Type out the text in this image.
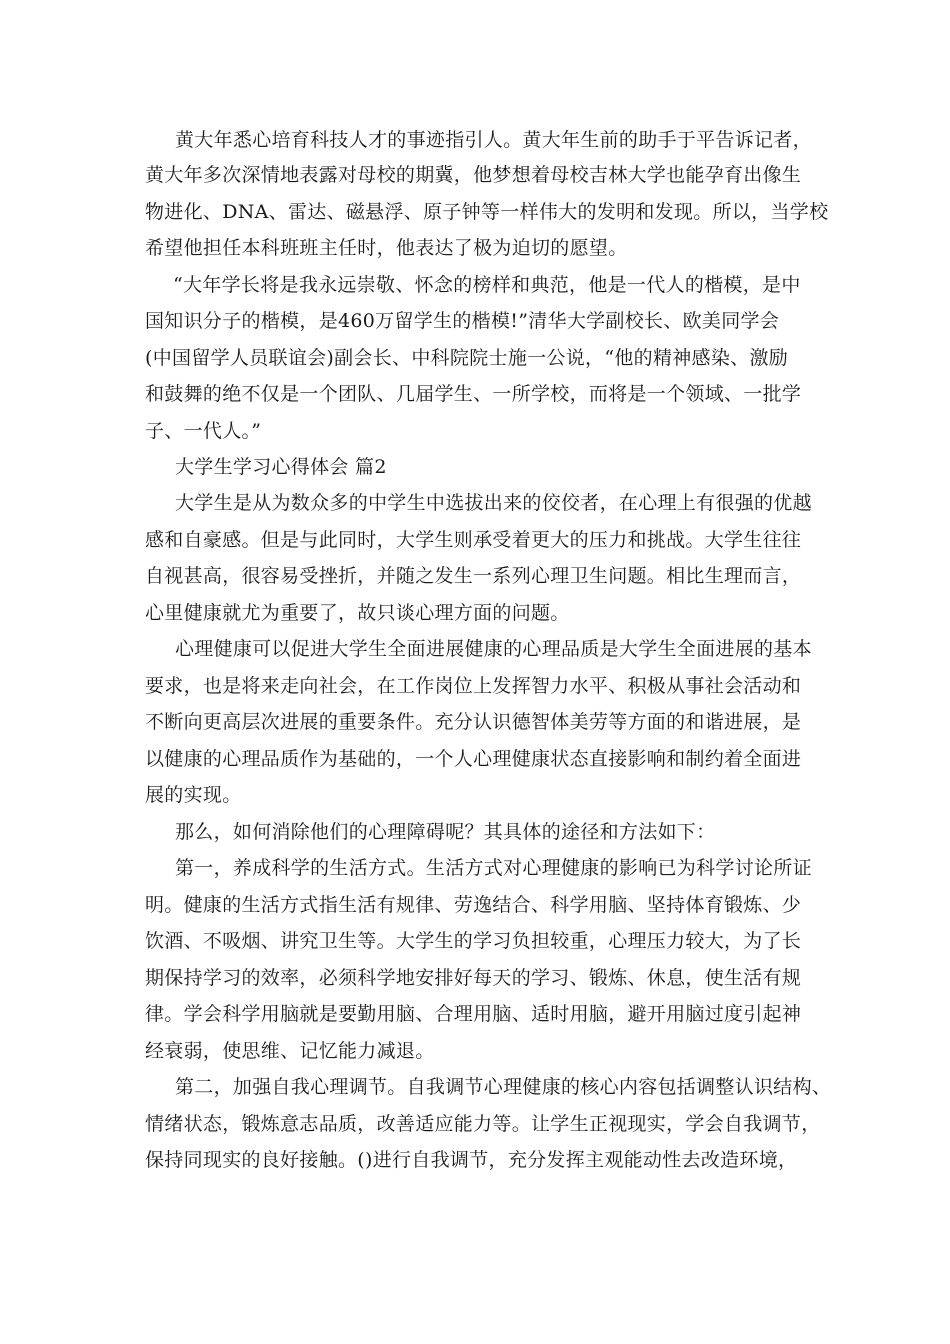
黄大年悉心培育科技人才的事迹指引人。黄大年生前的助手于平告诉记者，
黄大年多次深情地表露对母校的期冀，他梦想着母校吉林大学也能孕育出像生
物进化、DNA、雷达、磁悬浮、原子钟等一样伟大的发明和发现。所以，当学校
希望他担任本科班班主任时，他表达了极为迫切的愿望。
“大年学长将是我永远崇敬、怀念的榜样和典范，他是一代人的楷模，是中
国知识分子的楷模，是460万留学生的楷模!”清华大学副校长、欧美同学会
(中国留学人员联谊会)副会长、中科院院士施一公说，“他的精神感染、激励
和鼓舞的绝不仅是一个团队、几届学生、一所学校，而将是一个领域、一批学
子、一代人。”
大学生学习心得体会 篇2
大学生是从为数众多的中学生中选拔出来的佼佼者，在心理上有很强的优越
感和自豪感。但是与此同时，大学生则承受着更大的压力和挑战。大学生往往
自视甚高，很容易受挫折，并随之发生一系列心理卫生问题。相比生理而言，
心里健康就尤为重要了，故只谈心理方面的问题。
心理健康可以促进大学生全面进展健康的心理品质是大学生全面进展的基本
要求，也是将来走向社会，在工作岗位上发挥智力水平、积极从事社会活动和
不断向更高层次进展的重要条件。充分认识德智体美劳等方面的和谐进展，是
以健康的心理品质作为基础的，一个人心理健康状态直接影响和制约着全面进
展的实现。
那么，如何消除他们的心理障碍呢？其具体的途径和方法如下：
第一，养成科学的生活方式。生活方式对心理健康的影响已为科学讨论所证
明。健康的生活方式指生活有规律、劳逸结合、科学用脑、坚持体育锻炼、少
饮酒、不吸烟、讲究卫生等。大学生的学习负担较重，心理压力较大，为了长
期保持学习的效率，必须科学地安排好每天的学习、锻炼、休息，使生活有规
律。学会科学用脑就是要勤用脑、合理用脑、适时用脑，避开用脑过度引起神
经衰弱，使思维、记忆能力减退。
第二，加强自我心理调节。自我调节心理健康的核心内容包括调整认识结构、
情绪状态，锻炼意志品质，改善适应能力等。让学生正视现实，学会自我调节，
保持同现实的良好接触。()进行自我调节，充分发挥主观能动性去改造环境，
